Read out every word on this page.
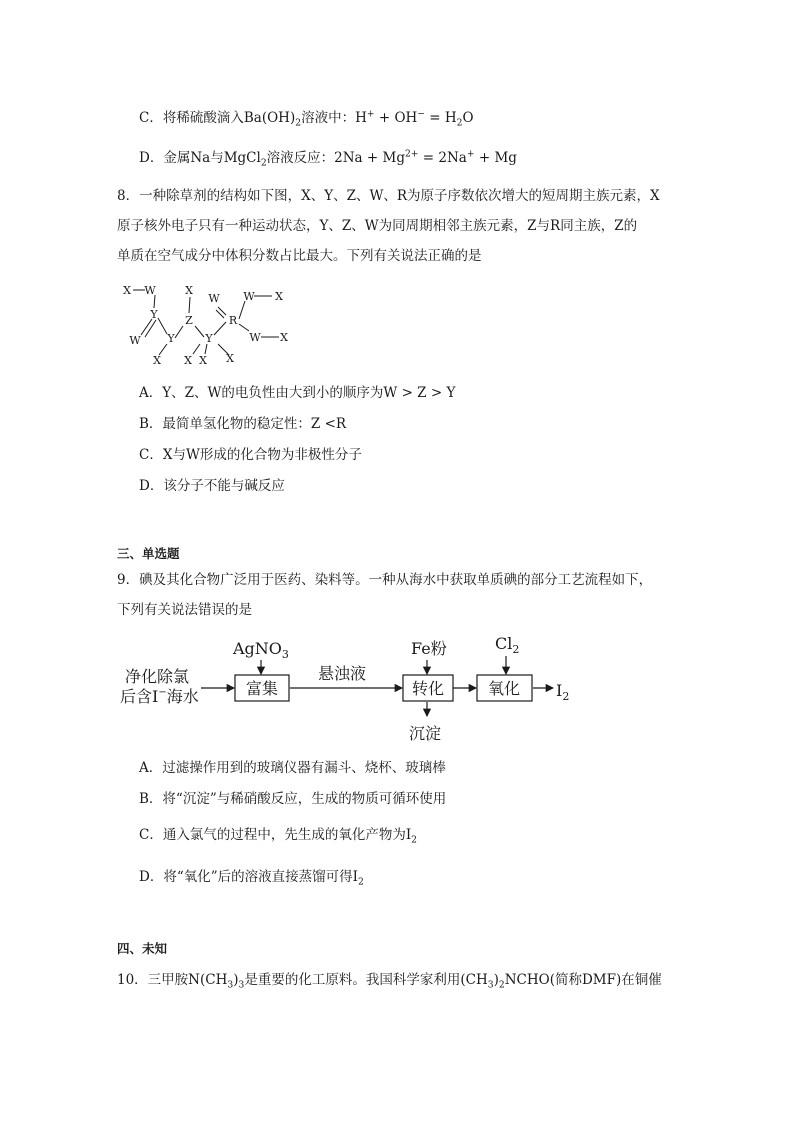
C．将稀硫酸滴入$Ba(OH)_2$溶液中：$H^+ + OH^- = H_2O$
D．金属Na与MgCl$_2$溶液反应：$2Na + Mg^{2+} = 2Na^+ + Mg$
8．一种除草剂的结构如下图，X、Y、Z、W、R为原子序数依次增大的短周期主族元素，X
原子核外电子只有一种运动状态，Y、Z、W为同周期相邻主族元素，Z与R同主族，Z的
单质在空气成分中体积分数占比最大。下列有关说法正确的是
X W
Y
W Y
X
X
Z
Y
X X
W
R
W X
W X
X
A．Y、Z、W的电负性由大到小的顺序为W > Z > Y
B．最简单氢化物的稳定性：Z <R
C．X与W形成的化合物为非极性分子
D．该分子不能与碱反应
三、单选题
9．碘及其化合物广泛用于医药、染料等。一种从海水中获取单质碘的部分工艺流程如下，
下列有关说法错误的是
净化除氯
后含I−海水
AgNO$_3$
悬浊液
Fe粉	$Cl_2$
沉淀
$I_2$
富集	转化	氧化
A．过滤操作用到的玻璃仪器有漏斗、烧杯、玻璃棒
B．将“沉淀”与稀硝酸反应，生成的物质可循环使用
C．通入氯气的过程中，先生成的氧化产物为$I_2$
D．将“氧化”后的溶液直接蒸馏可得$I_2$
四、未知
10．三甲胺$N(CH_3)_3$是重要的化工原料。我国科学家利用$(CH_3)_2NCHO$(简称DMF)在铜催
